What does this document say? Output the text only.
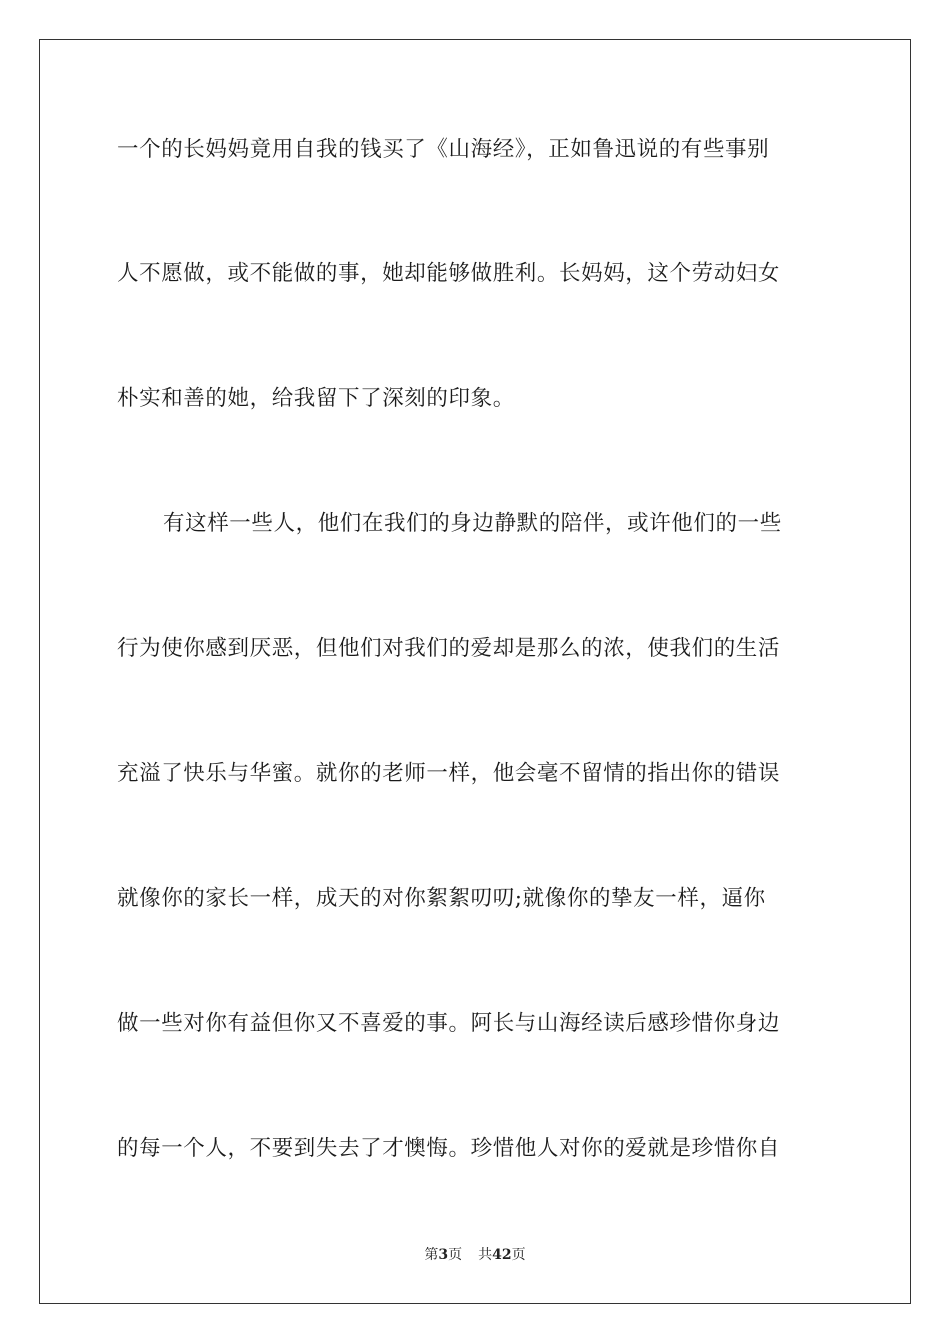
一个的长妈妈竟用自我的钱买了《山海经》，正如鲁迅说的有些事别
人不愿做，或不能做的事，她却能够做胜利。长妈妈，这个劳动妇女
朴实和善的她，给我留下了深刻的印象。
有这样一些人，他们在我们的身边静默的陪伴，或许他们的一些
行为使你感到厌恶，但他们对我们的爱却是那么的浓，使我们的生活
充溢了快乐与华蜜。就你的老师一样，他会毫不留情的指出你的错误
就像你的家长一样，成天的对你絮絮叨叨;就像你的挚友一样，逼你
做一些对你有益但你又不喜爱的事。阿长与山海经读后感珍惜你身边
的每一个人，不要到失去了才懊悔。珍惜他人对你的爱就是珍惜你自
第3页 共42页
